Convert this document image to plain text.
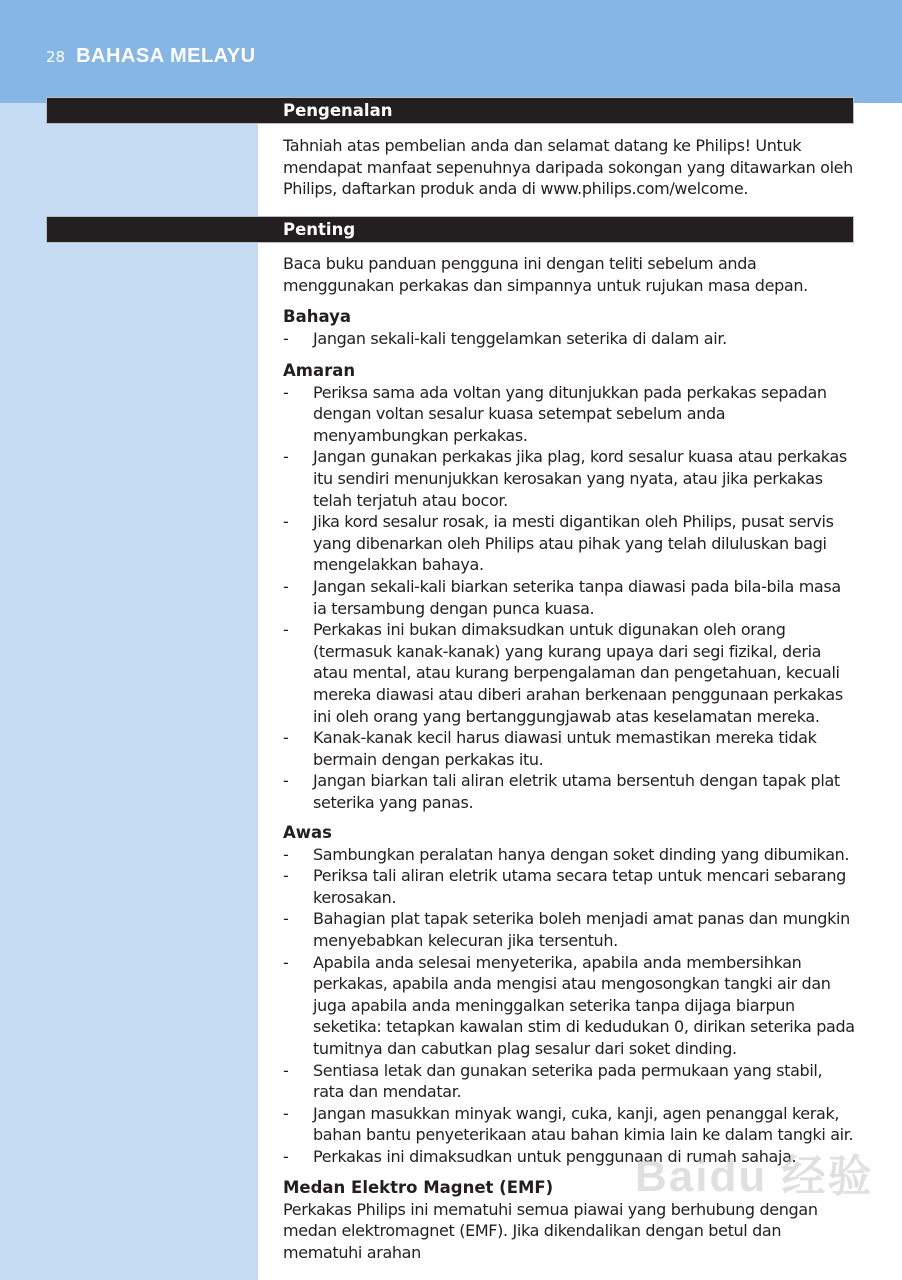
28 BAHASA MELAYU
Pengenalan

Tahniah atas pembelian anda dan selamat datang ke Philips! Untuk mendapat manfaat sepenuhnya daripada sokongan yang ditawarkan oleh Philips, daftarkan produk anda di www.philips.com/welcome.

Penting

Baca buku panduan pengguna ini dengan teliti sebelum anda menggunakan perkakas dan simpannya untuk rujukan masa depan.

Bahaya
- Jangan sekali-kali tenggelamkan seterika di dalam air.
Amaran
- Periksa sama ada voltan yang ditunjukkan pada perkakas sepadan dengan voltan sesalur kuasa setempat sebelum anda menyambungkan perkakas.
- Jangan gunakan perkakas jika plag, kord sesalur kuasa atau perkakas itu sendiri menunjukkan kerosakan yang nyata, atau jika perkakas telah terjatuh atau bocor.
- Jika kord sesalur rosak, ia mesti digantikan oleh Philips, pusat servis yang dibenarkan oleh Philips atau pihak yang telah diluluskan bagi mengelakkan bahaya.
- Jangan sekali-kali biarkan seterika tanpa diawasi pada bila-bila masa ia tersambung dengan punca kuasa.
- Perkakas ini bukan dimaksudkan untuk digunakan oleh orang (termasuk kanak-kanak) yang kurang upaya dari segi fizikal, deria atau mental, atau kurang berpengalaman dan pengetahuan, kecuali mereka diawasi atau diberi arahan berkenaan penggunaan perkakas ini oleh orang yang bertanggungjawab atas keselamatan mereka.
- Kanak-kanak kecil harus diawasi untuk memastikan mereka tidak bermain dengan perkakas itu.
- Jangan biarkan tali aliran eletrik utama bersentuh dengan tapak plat seterika yang panas.
Awas
- Sambungkan peralatan hanya dengan soket dinding yang dibumikan.
- Periksa tali aliran eletrik utama secara tetap untuk mencari sebarang kerosakan.
- Bahagian plat tapak seterika boleh menjadi amat panas dan mungkin menyebabkan kelecuran jika tersentuh.
- Apabila anda selesai menyeterika, apabila anda membersihkan perkakas, apabila anda mengisi atau mengosongkan tangki air dan juga apabila anda meninggalkan seterika tanpa dijaga biarpun seketika: tetapkan kawalan stim di kedudukan 0, dirikan seterika pada tumitnya dan cabutkan plag sesalur dari soket dinding.
- Sentiasa letak dan gunakan seterika pada permukaan yang stabil, rata dan mendatar.
- Jangan masukkan minyak wangi, cuka, kanji, agen penanggal kerak, bahan bantu penyeterikaan atau bahan kimia lain ke dalam tangki air.
- Perkakas ini dimaksudkan untuk penggunaan di rumah sahaja.
Medan Elektro Magnet (EMF)

Perkakas Philips ini mematuhi semua piawai yang berhubung dengan medan elektromagnet (EMF). Jika dikendalikan dengan betul dan mematuhi arahan

Baidu 经验
